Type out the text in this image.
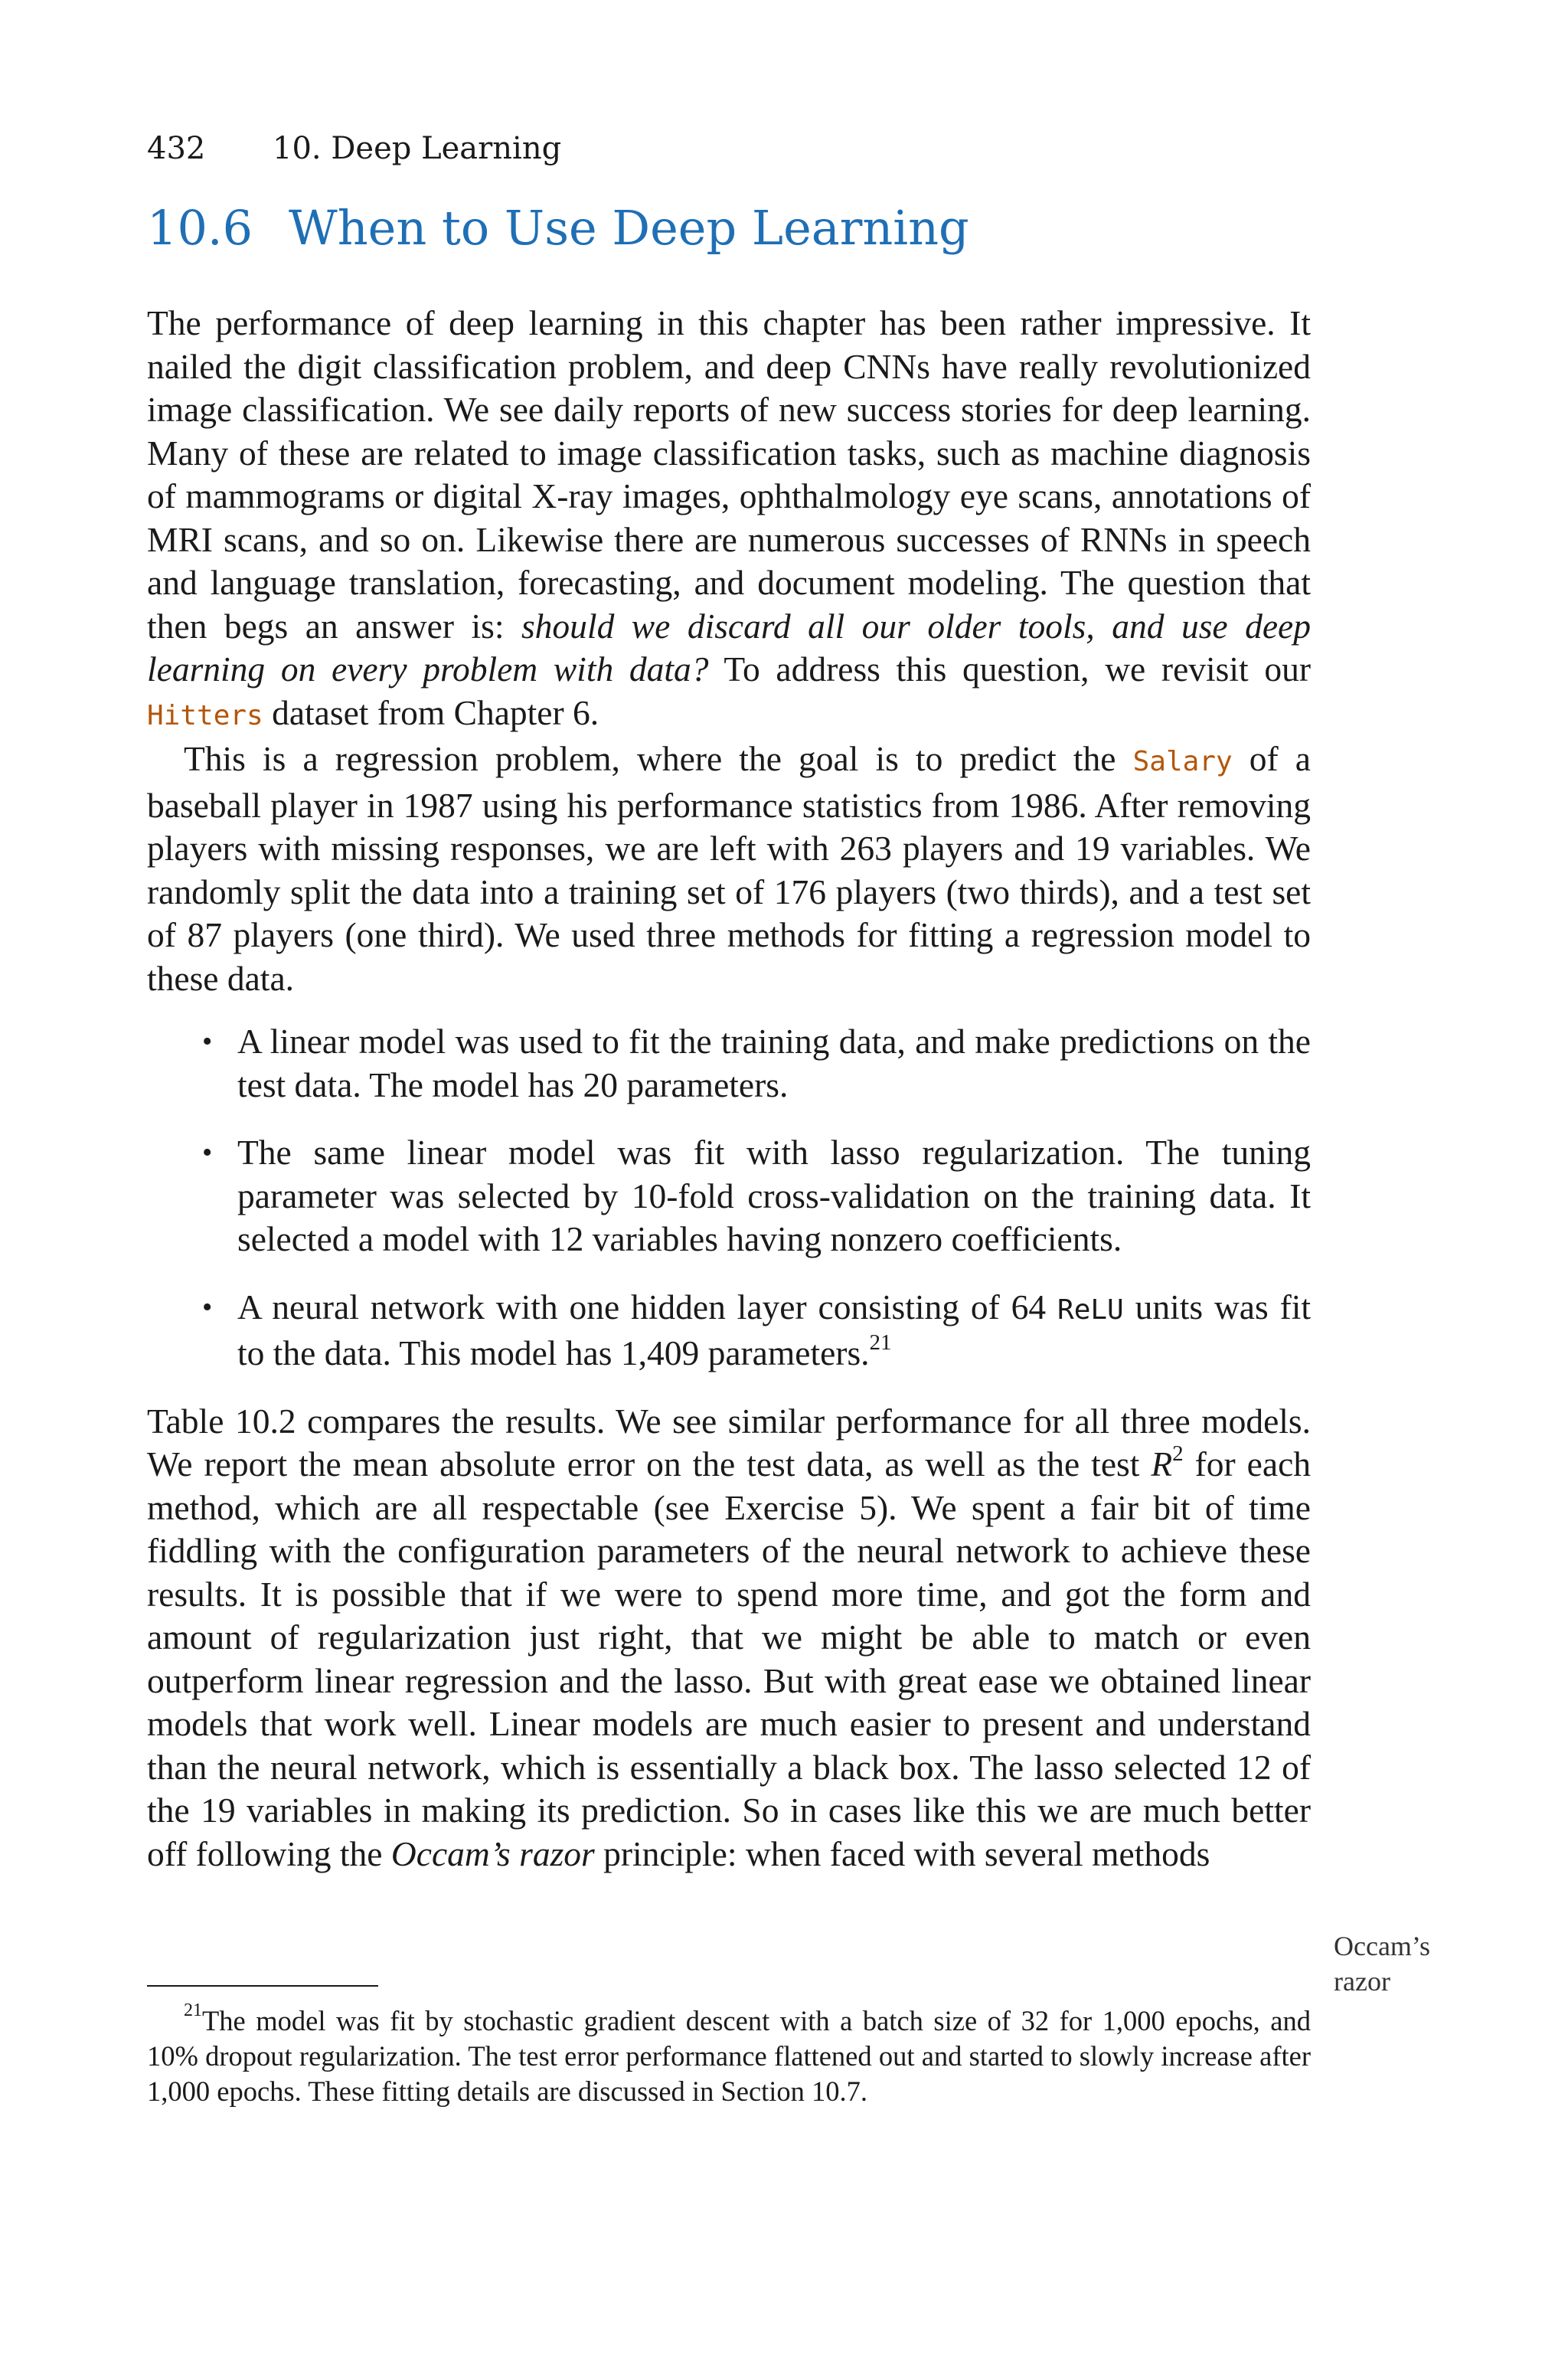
432 10. Deep Learning
10.6 When to Use Deep Learning

The performance of deep learning in this chapter has been rather impressive. It nailed the digit classification problem, and deep CNNs have really revolutionized image classification. We see daily reports of new success stories for deep learning. Many of these are related to image classification tasks, such as machine diagnosis of mammograms or digital X-ray images, ophthalmology eye scans, annotations of MRI scans, and so on. Likewise there are numerous successes of RNNs in speech and language translation, forecasting, and document modeling. The question that then begs an answer is: should we discard all our older tools, and use deep learning on every problem with data? To address this question, we revisit our Hitters dataset from Chapter 6.

This is a regression problem, where the goal is to predict the Salary of a baseball player in 1987 using his performance statistics from 1986. After removing players with missing responses, we are left with 263 players and 19 variables. We randomly split the data into a training set of 176 players (two thirds), and a test set of 87 players (one third). We used three methods for fitting a regression model to these data.

• A linear model was used to fit the training data, and make predictions on the test data. The model has 20 parameters.
• The same linear model was fit with lasso regularization. The tuning parameter was selected by 10-fold cross-validation on the training data. It selected a model with 12 variables having nonzero coefficients.
• A neural network with one hidden layer consisting of 64 ReLU units was fit to the data. This model has 1,409 parameters.$^{21}$

Table 10.2 compares the results. We see similar performance for all three models. We report the mean absolute error on the test data, as well as the test $R^2$ for each method, which are all respectable (see Exercise 5). We spent a fair bit of time fiddling with the configuration parameters of the neural network to achieve these results. It is possible that if we were to spend more time, and got the form and amount of regularization just right, that we might be able to match or even outperform linear regression and the lasso. But with great ease we obtained linear models that work well. Linear models are much easier to present and understand than the neural network, which is essentially a black box. The lasso selected 12 of the 19 variables in making its prediction. So in cases like this we are much better off following the Occam’s razor principle: when faced with several methods

Occam’s
razor
$^{21}$The model was fit by stochastic gradient descent with a batch size of 32 for 1,000 epochs, and 10% dropout regularization. The test error performance flattened out and started to slowly increase after 1,000 epochs. These fitting details are discussed in Section 10.7.
